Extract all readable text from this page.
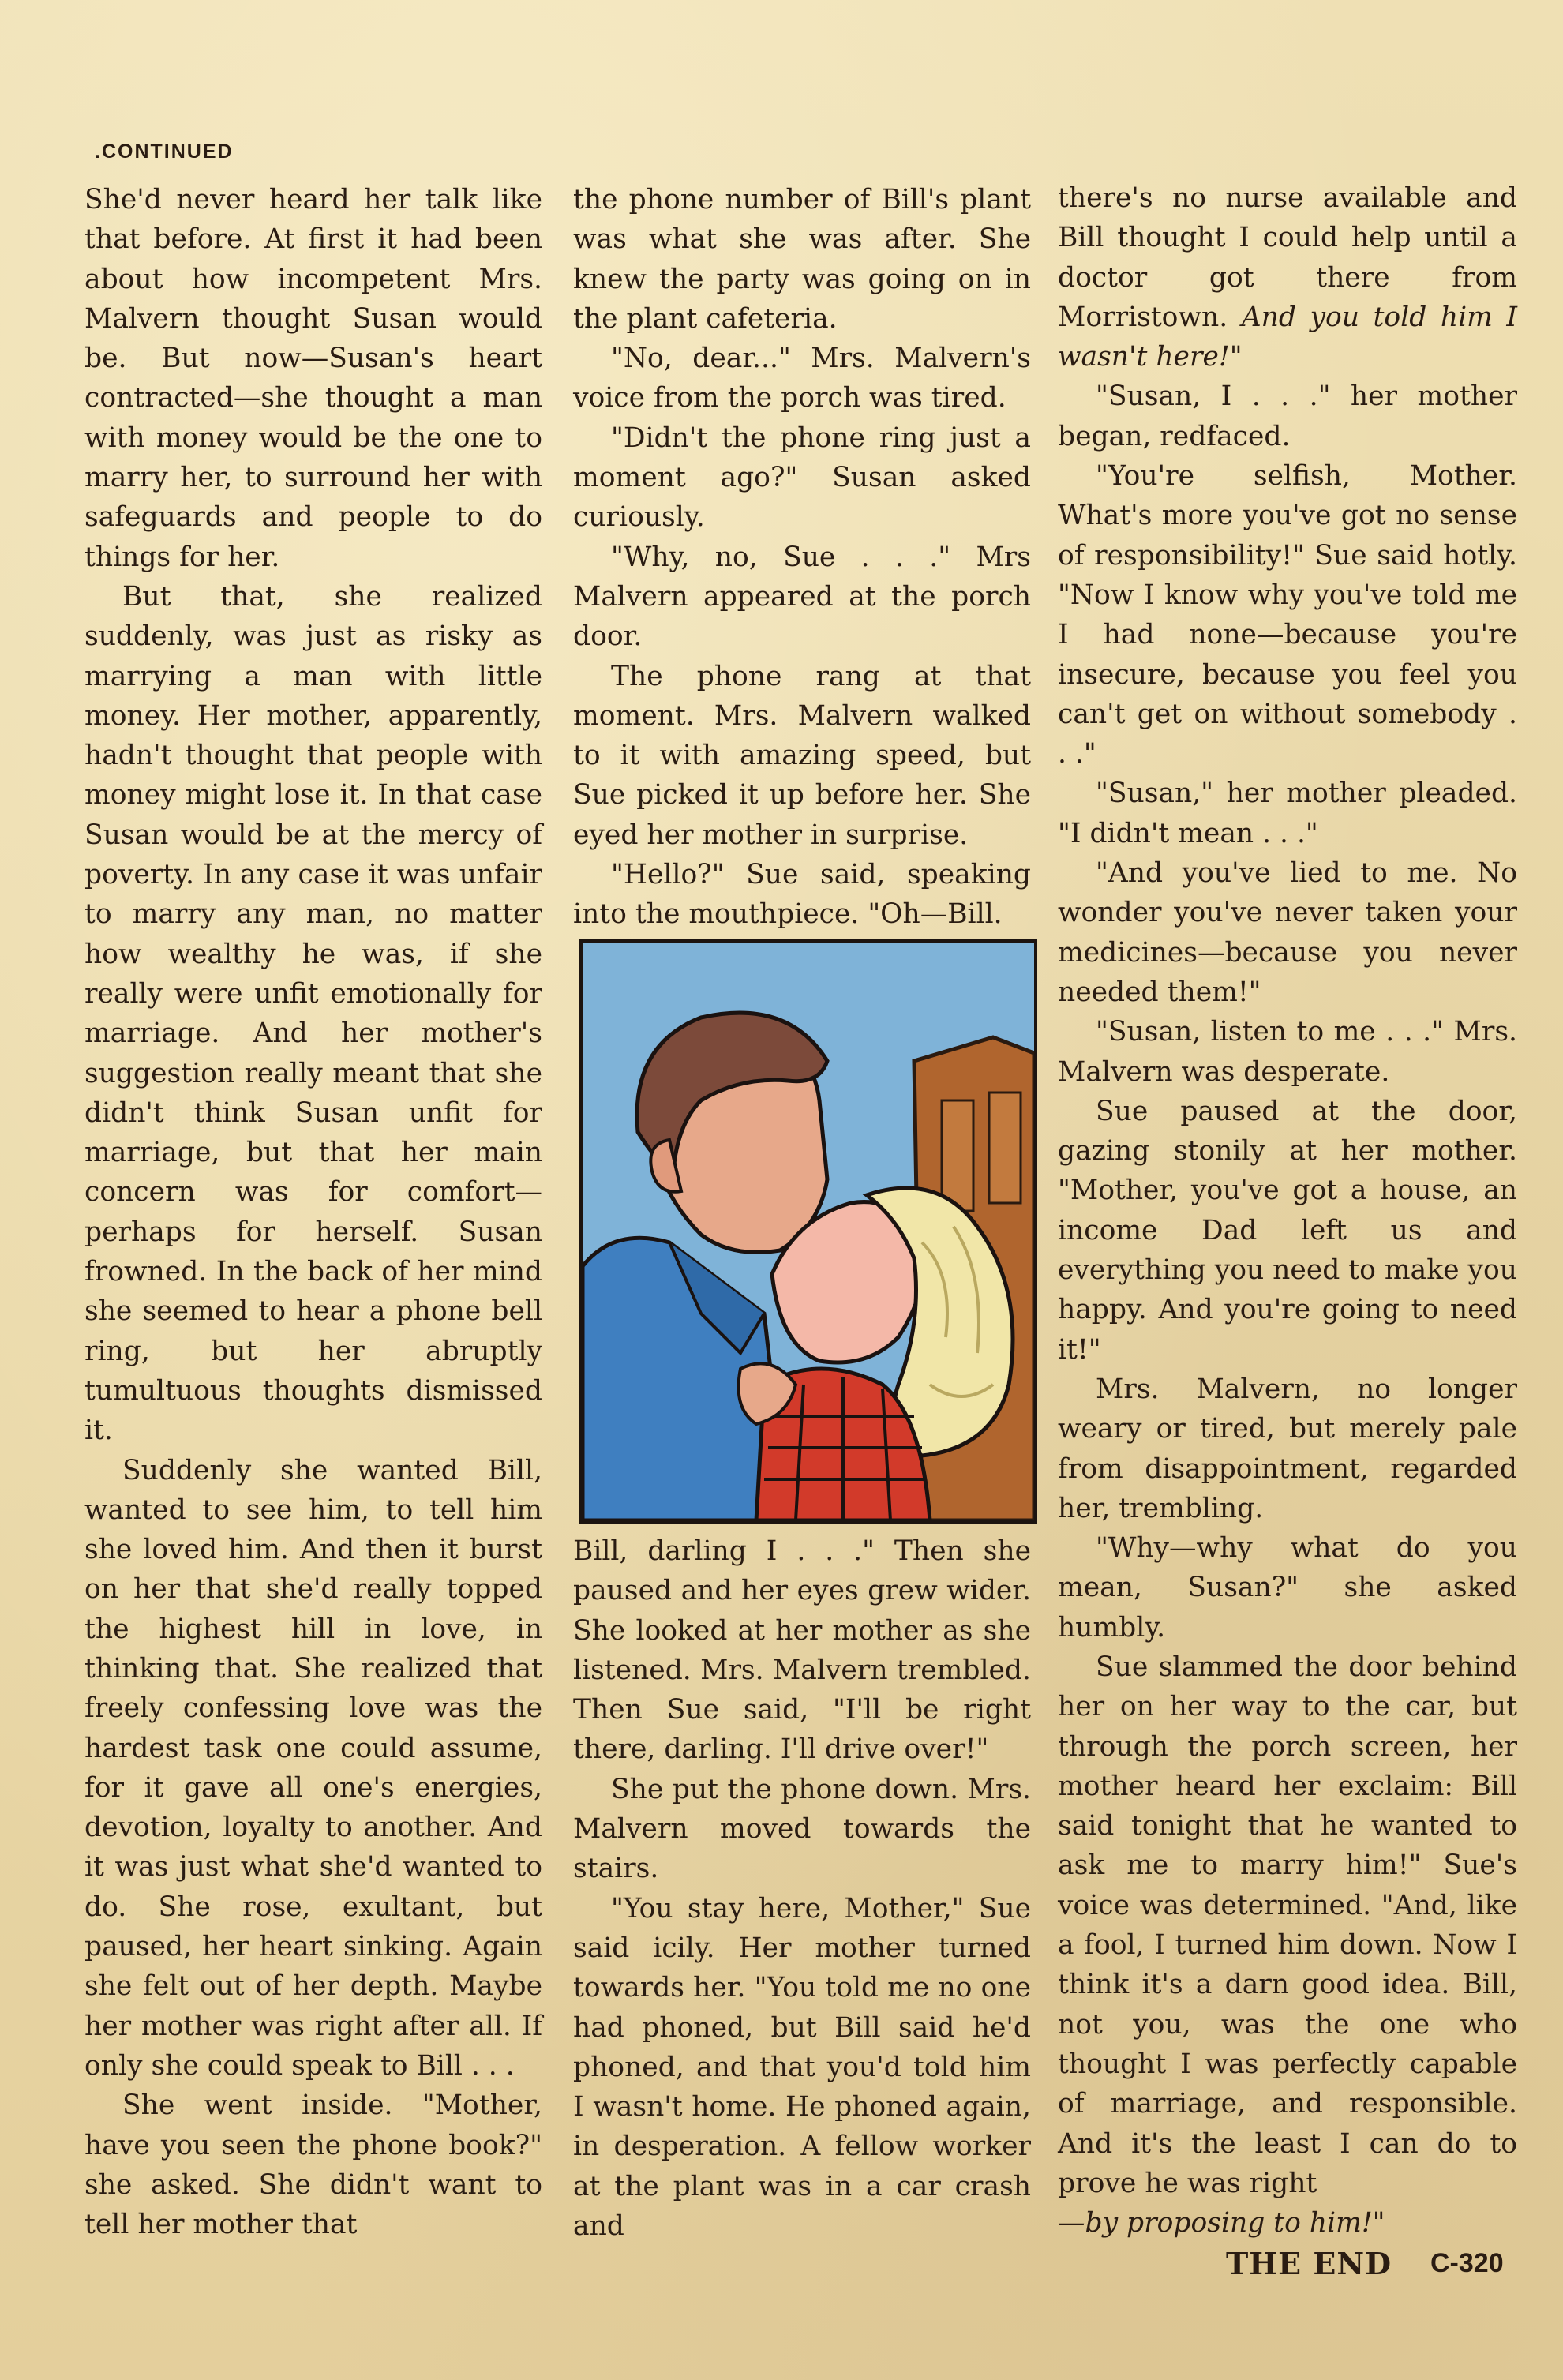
.CONTINUED

She'd never heard her talk like that before. At first it had been about how incompetent Mrs. Malvern thought Susan would be. But now—Susan's heart contracted—she thought a man with money would be the one to marry her, to surround her with safeguards and people to do things for her.

But that, she realized suddenly, was just as risky as marrying a man with little money. Her mother, apparently, hadn't thought that people with money might lose it. In that case Susan would be at the mercy of poverty. In any case it was unfair to marry any man, no matter how wealthy he was, if she really were unfit emotionally for marriage. And her mother's suggestion really meant that she didn't think Susan unfit for marriage, but that her main concern was for comfort—perhaps for herself. Susan frowned. In the back of her mind she seemed to hear a phone bell ring, but her abruptly tumultuous thoughts dismissed it.

Suddenly she wanted Bill, wanted to see him, to tell him she loved him. And then it burst on her that she'd really topped the highest hill in love, in thinking that. She realized that freely confessing love was the hardest task one could assume, for it gave all one's energies, devotion, loyalty to another. And it was just what she'd wanted to do. She rose, exultant, but paused, her heart sinking. Again she felt out of her depth. Maybe her mother was right after all. If only she could speak to Bill . . .

She went inside. "Mother, have you seen the phone book?" she asked. She didn't want to tell her mother that

the phone number of Bill's plant was what she was after. She knew the party was going on in the plant cafeteria.

"No, dear..." Mrs. Malvern's voice from the porch was tired.

"Didn't the phone ring just a moment ago?" Susan asked curiously.

"Why, no, Sue . . ." Mrs Malvern appeared at the porch door.

The phone rang at that moment. Mrs. Malvern walked to it with amazing speed, but Sue picked it up before her. She eyed her mother in surprise.

"Hello?" Sue said, speaking into the mouthpiece. "Oh—Bill.

Bill, darling I . . ." Then she paused and her eyes grew wider. She looked at her mother as she listened. Mrs. Malvern trembled. Then Sue said, "I'll be right there, darling. I'll drive over!"

She put the phone down. Mrs. Malvern moved towards the stairs.

"You stay here, Mother," Sue said icily. Her mother turned towards her. "You told me no one had phoned, but Bill said he'd phoned, and that you'd told him I wasn't home. He phoned again, in desperation. A fellow worker at the plant was in a car crash and

there's no nurse available and Bill thought I could help until a doctor got there from Morristown. And you told him I wasn't here!"

"Susan, I . . ." her mother began, redfaced.

"You're selfish, Mother. What's more you've got no sense of responsibility!" Sue said hotly. "Now I know why you've told me I had none—because you're insecure, because you feel you can't get on without somebody . . ."

"Susan," her mother pleaded. "I didn't mean . . ."

"And you've lied to me. No wonder you've never taken your medicines—because you never needed them!"

"Susan, listen to me . . ." Mrs. Malvern was desperate.

Sue paused at the door, gazing stonily at her mother. "Mother, you've got a house, an income Dad left us and everything you need to make you happy. And you're going to need it!"

Mrs. Malvern, no longer weary or tired, but merely pale from disappointment, regarded her, trembling.

"Why—why what do you mean, Susan?" she asked humbly.

Sue slammed the door behind her on her way to the car, but through the porch screen, her mother heard her exclaim: Bill said tonight that he wanted to ask me to marry him!" Sue's voice was determined. "And, like a fool, I turned him down. Now I think it's a darn good idea. Bill, not you, was the one who thought I was perfectly capable of marriage, and responsible. And it's the least I can do to prove he was right
—by proposing to him!"

THE END C-320
